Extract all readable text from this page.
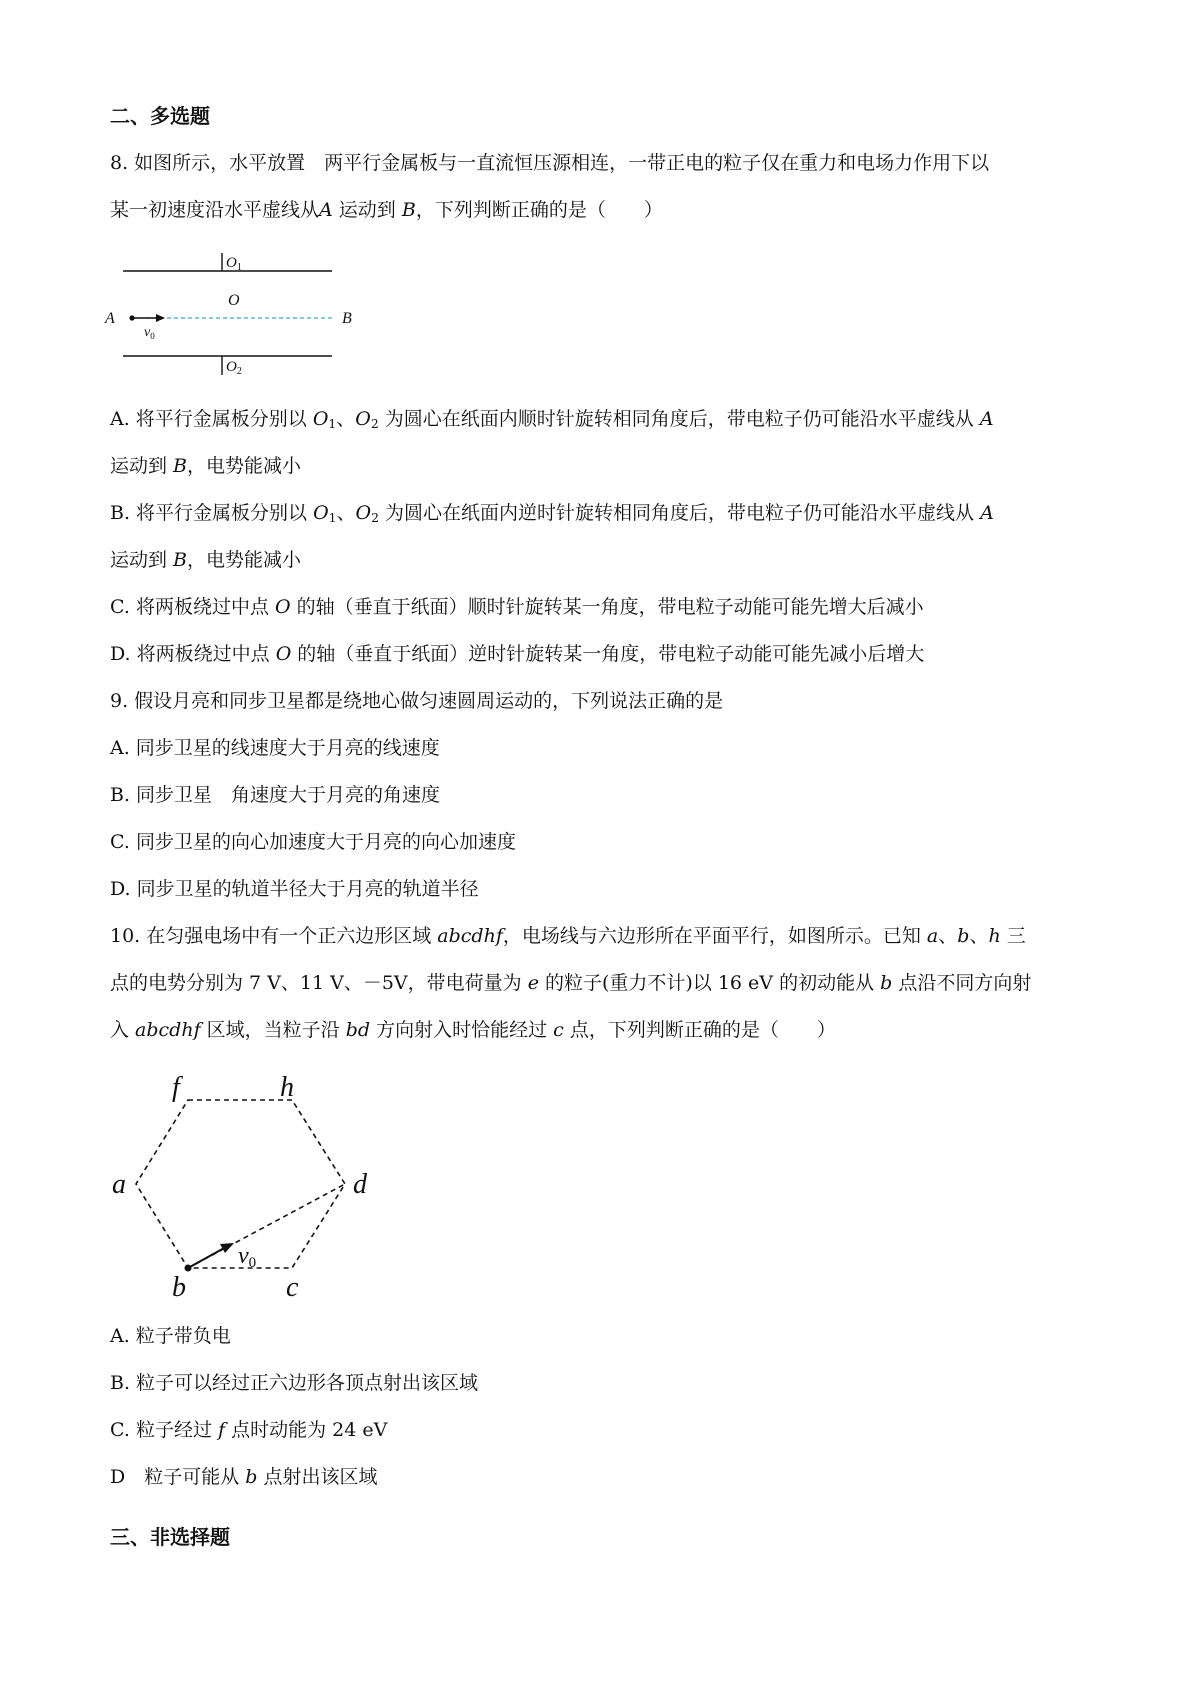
二、多选题
8. 如图所示，水平放置　两平行金属板与一直流恒压源相连，一带正电的粒子仅在重力和电场力作用下以
某一初速度沿水平虚线从A 运动到 B，下列判断正确的是（　　）
$O_1$
O
A	B
$v_0$
$O_2$
A. 将平行金属板分别以 $O_1$、$O_2$ 为圆心在纸面内顺时针旋转相同角度后，带电粒子仍可能沿水平虚线从 A
运动到 B，电势能减小
B. 将平行金属板分别以 $O_1$、$O_2$ 为圆心在纸面内逆时针旋转相同角度后，带电粒子仍可能沿水平虚线从 A
运动到 B，电势能减小
C. 将两板绕过中点 O 的轴（垂直于纸面）顺时针旋转某一角度，带电粒子动能可能先增大后减小
D. 将两板绕过中点 O 的轴（垂直于纸面）逆时针旋转某一角度，带电粒子动能可能先减小后增大
9. 假设月亮和同步卫星都是绕地心做匀速圆周运动的，下列说法正确的是
A. 同步卫星的线速度大于月亮的线速度
B. 同步卫星　角速度大于月亮的角速度
C. 同步卫星的向心加速度大于月亮的向心加速度
D. 同步卫星的轨道半径大于月亮的轨道半径
10. 在匀强电场中有一个正六边形区域 abcdhf，电场线与六边形所在平面平行，如图所示。已知 a、b、h 三
点的电势分别为 7 V、11 V、－5V，带电荷量为 e 的粒子(重力不计)以 16 eV 的初动能从 b 点沿不同方向射
入 abcdhf 区域，当粒子沿 bd 方向射入时恰能经过 c 点，下列判断正确的是（　　）
f	h
a	d
b	c
v0
A. 粒子带负电
B. 粒子可以经过正六边形各顶点射出该区域
C. 粒子经过 f 点时动能为 24 eV
D　粒子可能从 b 点射出该区域
三、非选择题
